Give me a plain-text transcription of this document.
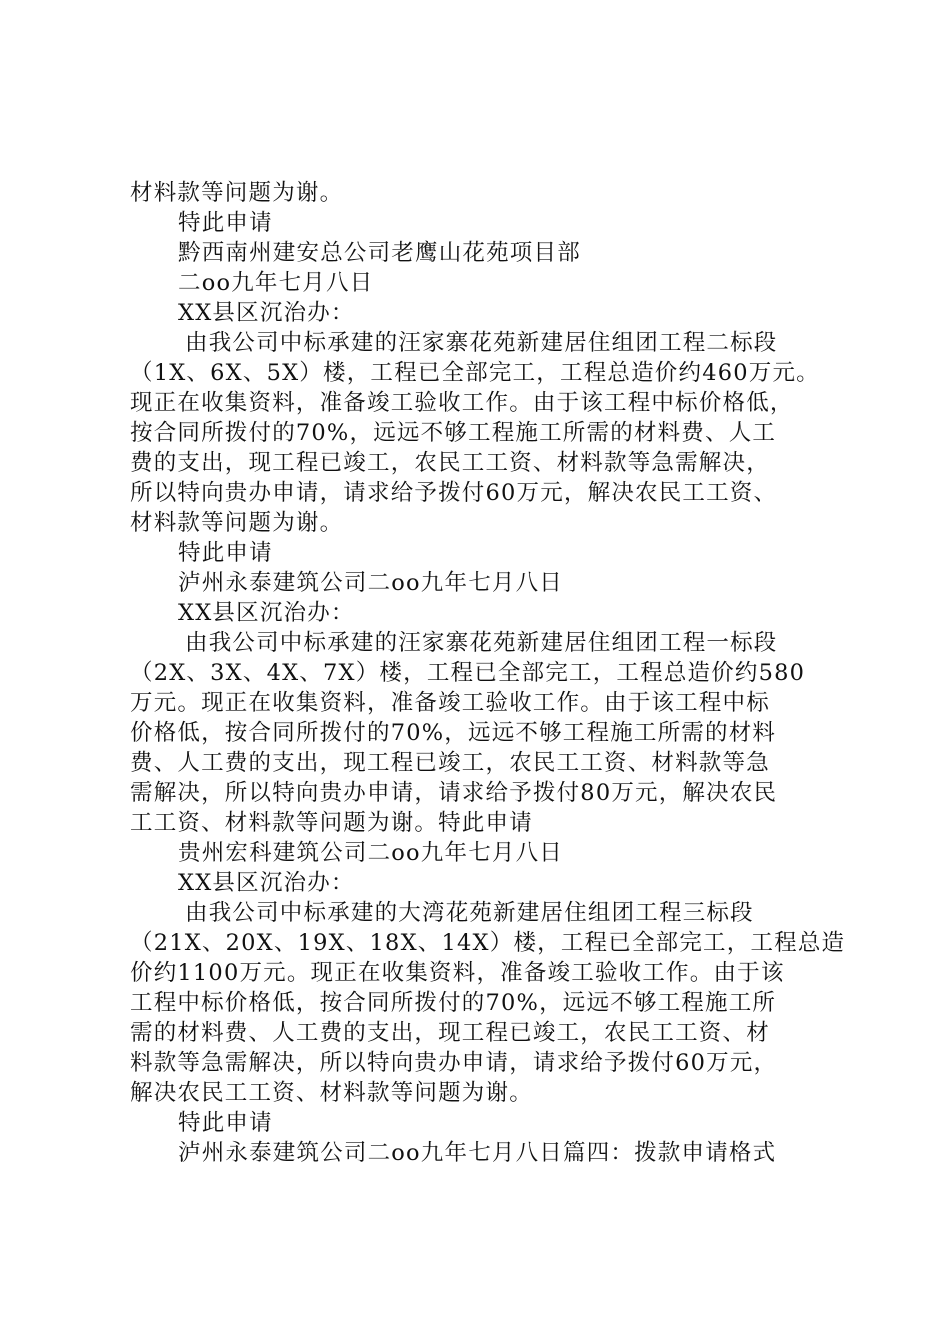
材料款等问题为谢。
特此申请
黔西南州建安总公司老鹰山花苑项目部
二oo九年七月八日
XX县区沉治办：
由我公司中标承建的汪家寨花苑新建居住组团工程二标段
（1X、6X、5X）楼，工程已全部完工，工程总造价约460万元。
现正在收集资料，准备竣工验收工作。由于该工程中标价格低，
按合同所拨付的70%，远远不够工程施工所需的材料费、人工
费的支出，现工程已竣工，农民工工资、材料款等急需解决，
所以特向贵办申请，请求给予拨付60万元，解决农民工工资、
材料款等问题为谢。
特此申请
泸州永泰建筑公司二oo九年七月八日
XX县区沉治办：
由我公司中标承建的汪家寨花苑新建居住组团工程一标段
（2X、3X、4X、7X）楼，工程已全部完工，工程总造价约580
万元。现正在收集资料，准备竣工验收工作。由于该工程中标
价格低，按合同所拨付的70%，远远不够工程施工所需的材料
费、人工费的支出，现工程已竣工，农民工工资、材料款等急
需解决，所以特向贵办申请，请求给予拨付80万元，解决农民
工工资、材料款等问题为谢。特此申请
贵州宏科建筑公司二oo九年七月八日
XX县区沉治办：
由我公司中标承建的大湾花苑新建居住组团工程三标段
（21X、20X、19X、18X、14X）楼，工程已全部完工，工程总造
价约1100万元。现正在收集资料，准备竣工验收工作。由于该
工程中标价格低，按合同所拨付的70%，远远不够工程施工所
需的材料费、人工费的支出，现工程已竣工，农民工工资、材
料款等急需解决，所以特向贵办申请，请求给予拨付60万元，
解决农民工工资、材料款等问题为谢。
特此申请
泸州永泰建筑公司二oo九年七月八日篇四：拨款申请格式
